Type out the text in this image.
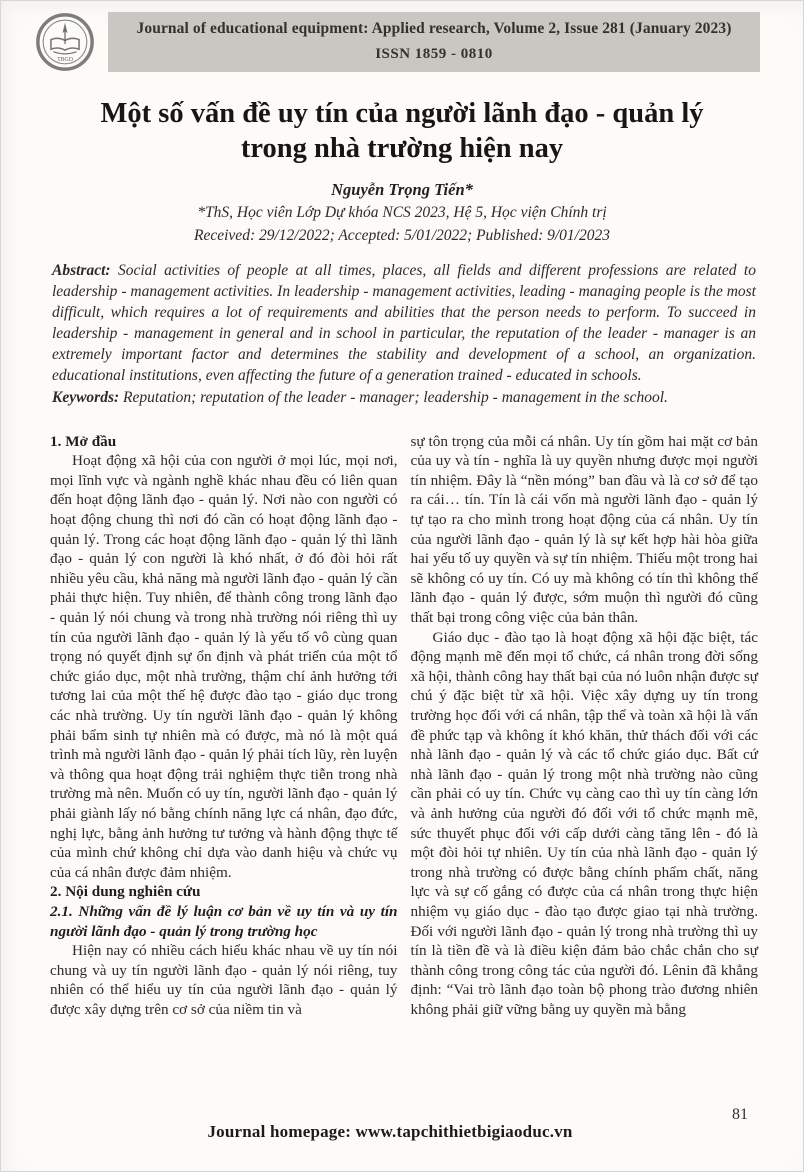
TBGD
Journal of educational equipment: Applied research, Volume 2, Issue 281 (January 2023)
ISSN 1859 - 0810
Một số vấn đề uy tín của người lãnh đạo - quản lý
trong nhà trường hiện nay
Nguyễn Trọng Tiến*
*ThS, Học viên Lớp Dự khóa NCS 2023, Hệ 5, Học viện Chính trị
Received: 29/12/2022; Accepted: 5/01/2022; Published: 9/01/2023
Abstract: Social activities of people at all times, places, all fields and different professions are related to leadership - management activities. In leadership - management activities, leading - managing people is the most difficult, which requires a lot of requirements and abilities that the person needs to perform. To succeed in leadership - management in general and in school in particular, the reputation of the leader - manager is an extremely important factor and determines the stability and development of a school, an organization. educational institutions, even affecting the future of a generation trained - educated in schools.
Keywords: Reputation; reputation of the leader - manager; leadership - management in the school.
1. Mở đầu

Hoạt động xã hội của con người ở mọi lúc, mọi nơi, mọi lĩnh vực và ngành nghề khác nhau đều có liên quan đến hoạt động lãnh đạo - quản lý. Nơi nào con người có hoạt động chung thì nơi đó cần có hoạt động lãnh đạo - quản lý. Trong các hoạt động lãnh đạo - quản lý thì lãnh đạo - quản lý con người là khó nhất, ở đó đòi hỏi rất nhiều yêu cầu, khả năng mà người lãnh đạo - quản lý cần phải thực hiện. Tuy nhiên, để thành công trong lãnh đạo - quản lý nói chung và trong nhà trường nói riêng thì uy tín của người lãnh đạo - quản lý là yếu tố vô cùng quan trọng nó quyết định sự ổn định và phát triển của một tổ chức giáo dục, một nhà trường, thậm chí ảnh hưởng tới tương lai của một thế hệ được đào tạo - giáo dục trong các nhà trường. Uy tín người lãnh đạo - quản lý không phải bẩm sinh tự nhiên mà có được, mà nó là một quá trình mà người lãnh đạo - quản lý phải tích lũy, rèn luyện và thông qua hoạt động trải nghiệm thực tiễn trong nhà trường mà nên. Muốn có uy tín, người lãnh đạo - quản lý phải giành lấy nó bằng chính năng lực cá nhân, đạo đức, nghị lực, bằng ảnh hưởng tư tưởng và hành động thực tế của mình chứ không chỉ dựa vào danh hiệu và chức vụ của cá nhân được đảm nhiệm.

2. Nội dung nghiên cứu
2.1. Những vấn đề lý luận cơ bản về uy tín và uy tín người lãnh đạo - quản lý trong trường học

Hiện nay có nhiều cách hiểu khác nhau về uy tín nói chung và uy tín người lãnh đạo - quản lý nói riêng, tuy nhiên có thể hiểu uy tín của người lãnh đạo - quản lý được xây dựng trên cơ sở của niềm tin và

sự tôn trọng của mỗi cá nhân. Uy tín gồm hai mặt cơ bản của uy và tín - nghĩa là uy quyền nhưng được mọi người tín nhiệm. Đây là “nền móng” ban đầu và là cơ sở để tạo ra cái… tín. Tín là cái vốn mà người lãnh đạo - quản lý tự tạo ra cho mình trong hoạt động của cá nhân. Uy tín của người lãnh đạo - quản lý là sự kết hợp hài hòa giữa hai yếu tố uy quyền và sự tín nhiệm. Thiếu một trong hai sẽ không có uy tín. Có uy mà không có tín thì không thể lãnh đạo - quản lý được, sớm muộn thì người đó cũng thất bại trong công việc của bản thân.

Giáo dục - đào tạo là hoạt động xã hội đặc biệt, tác động mạnh mẽ đến mọi tổ chức, cá nhân trong đời sống xã hội, thành công hay thất bại của nó luôn nhận được sự chú ý đặc biệt từ xã hội. Việc xây dựng uy tín trong trường học đối với cá nhân, tập thể và toàn xã hội là vấn đề phức tạp và không ít khó khăn, thử thách đối với các nhà lãnh đạo - quản lý và các tổ chức giáo dục. Bất cứ nhà lãnh đạo - quản lý trong một nhà trường nào cũng cần phải có uy tín. Chức vụ càng cao thì uy tín càng lớn và ảnh hưởng của người đó đối với tổ chức mạnh mẽ, sức thuyết phục đối với cấp dưới càng tăng lên - đó là một đòi hỏi tự nhiên. Uy tín của nhà lãnh đạo - quản lý trong nhà trường có được bằng chính phẩm chất, năng lực và sự cố gắng có được của cá nhân trong thực hiện nhiệm vụ giáo dục - đào tạo được giao tại nhà trường. Đối với người lãnh đạo - quản lý trong nhà trường thì uy tín là tiền đề và là điều kiện đảm bảo chắc chắn cho sự thành công trong công tác của người đó. Lênin đã khẳng định: “Vai trò lãnh đạo toàn bộ phong trào đương nhiên không phải giữ vững bằng uy quyền mà bằng

Journal homepage: www.tapchithietbigiaoduc.vn
81
